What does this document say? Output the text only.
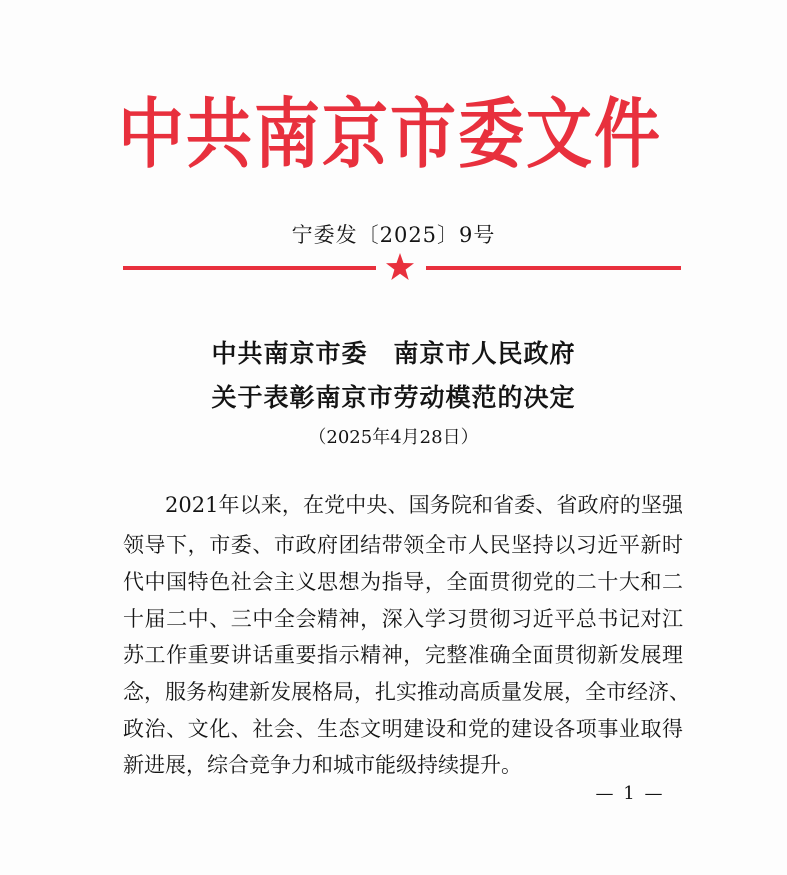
中共南京市委文件
宁委发〔2025〕9号
中共南京市委　南京市人民政府
关于表彰南京市劳动模范的决定
（2025年4月28日）
2021年以来，在党中央、国务院和省委、省政府的坚强
领导下，市委、市政府团结带领全市人民坚持以习近平新时
代中国特色社会主义思想为指导，全面贯彻党的二十大和二
十届二中、三中全会精神，深入学习贯彻习近平总书记对江
苏工作重要讲话重要指示精神，完整准确全面贯彻新发展理
念，服务构建新发展格局，扎实推动高质量发展，全市经济、
政治、文化、社会、生态文明建设和党的建设各项事业取得
新进展，综合竞争力和城市能级持续提升。
— 1 —
